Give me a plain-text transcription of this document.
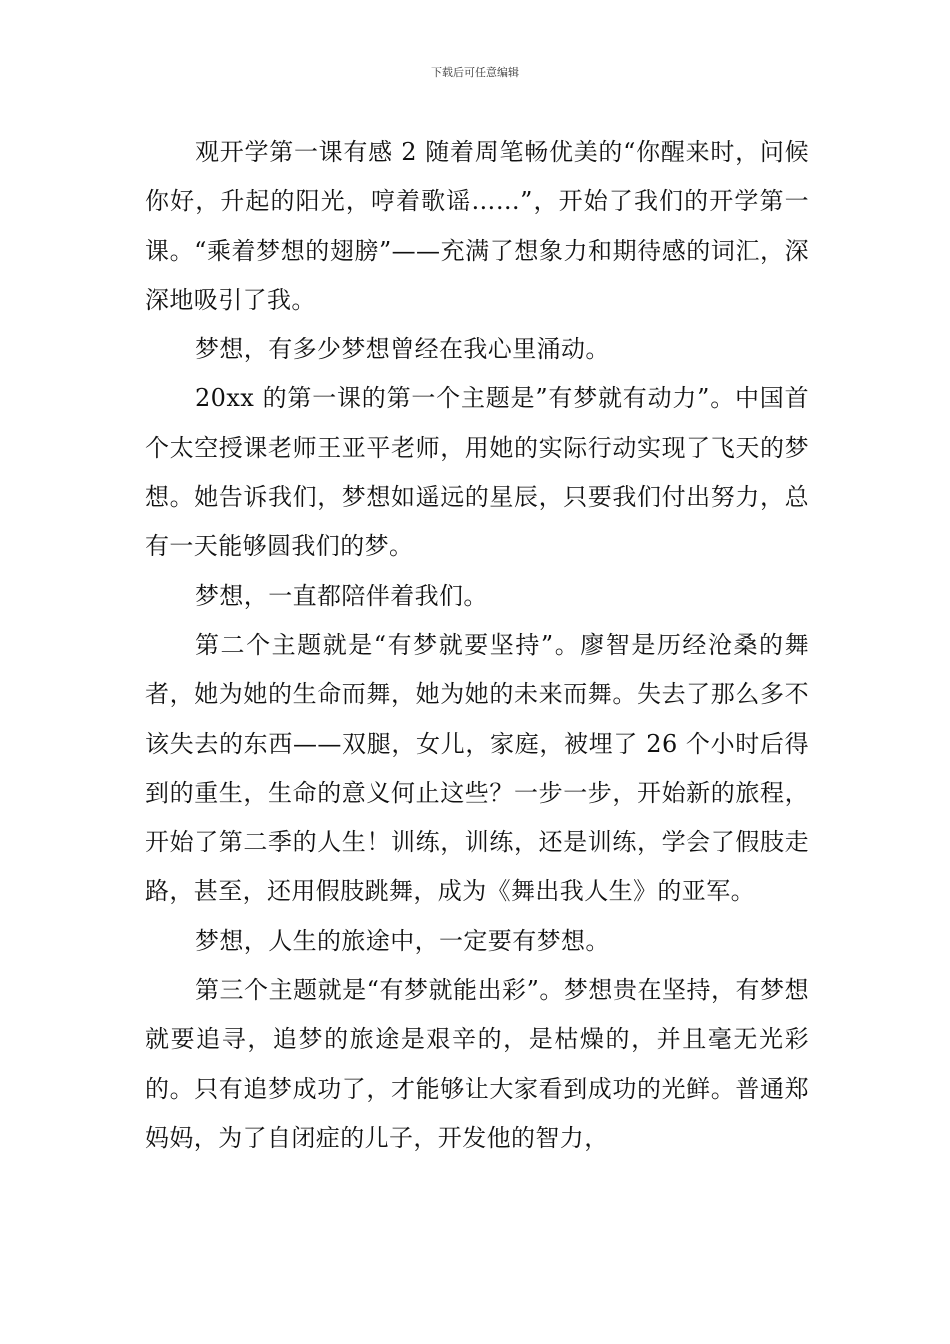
下载后可任意编辑

观开学第一课有感 2 随着周笔畅优美的“你醒来时，问候你好，升起的阳光，哼着歌谣……”，开始了我们的开学第一课。“乘着梦想的翅膀”——充满了想象力和期待感的词汇，深深地吸引了我。

梦想，有多少梦想曾经在我心里涌动。

20xx 的第一课的第一个主题是”有梦就有动力”。中国首个太空授课老师王亚平老师，用她的实际行动实现了飞天的梦想。她告诉我们，梦想如遥远的星辰，只要我们付出努力，总有一天能够圆我们的梦。

梦想，一直都陪伴着我们。

第二个主题就是“有梦就要坚持”。廖智是历经沧桑的舞者，她为她的生命而舞，她为她的未来而舞。失去了那么多不该失去的东西——双腿，女儿，家庭，被埋了 26 个小时后得到的重生，生命的意义何止这些？一步一步，开始新的旅程，开始了第二季的人生！训练，训练，还是训练，学会了假肢走路，甚至，还用假肢跳舞，成为《舞出我人生》的亚军。

梦想，人生的旅途中，一定要有梦想。

第三个主题就是“有梦就能出彩”。梦想贵在坚持，有梦想就要追寻，追梦的旅途是艰辛的，是枯燥的，并且毫无光彩的。只有追梦成功了，才能够让大家看到成功的光鲜。普通郑妈妈，为了自闭症的儿子，开发他的智力，
